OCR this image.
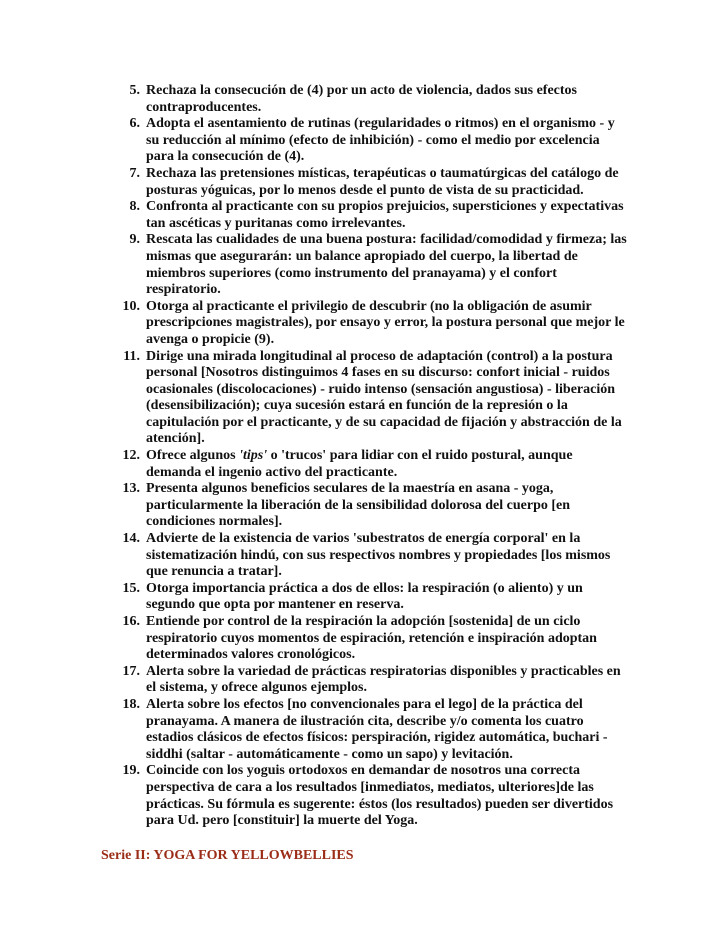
5. Rechaza la consecución de (4) por un acto de violencia, dados sus efectos contraproducentes.
6. Adopta el asentamiento de rutinas (regularidades o ritmos) en el organismo - y su reducción al mínimo (efecto de inhibición) - como el medio por excelencia para la consecución de (4).
7. Rechaza las pretensiones místicas, terapéuticas o taumatúrgicas del catálogo de posturas yóguicas, por lo menos desde el punto de vista de su practicidad.
8. Confronta al practicante con su propios prejuicios, supersticiones y expectativas tan ascéticas y puritanas como irrelevantes.
9. Rescata las cualidades de una buena postura: facilidad/comodidad y firmeza; las mismas que asegurarán: un balance apropiado del cuerpo, la libertad de miembros superiores (como instrumento del pranayama) y el confort respiratorio.
10. Otorga al practicante el privilegio de descubrir (no la obligación de asumir prescripciones magistrales), por ensayo y error, la postura personal que mejor le avenga o propicie (9).
11. Dirige una mirada longitudinal al proceso de adaptación (control) a la postura personal [Nosotros distinguimos 4 fases en su discurso: confort inicial - ruidos ocasionales (discolocaciones) - ruido intenso (sensación angustiosa) - liberación (desensibilización); cuya sucesión estará en función de la represión o la capitulación por el practicante, y de su capacidad de fijación y abstracción de la atención].
12. Ofrece algunos 'tips' o 'trucos' para lidiar con el ruido postural, aunque demanda el ingenio activo del practicante.
13. Presenta algunos beneficios seculares de la maestría en asana - yoga, particularmente la liberación de la sensibilidad dolorosa del cuerpo [en condiciones normales].
14. Advierte de la existencia de varios 'subestratos de energía corporal' en la sistematización hindú, con sus respectivos nombres y propiedades [los mismos que renuncia a tratar].
15. Otorga importancia práctica a dos de ellos: la respiración (o aliento) y un segundo que opta por mantener en reserva.
16. Entiende por control de la respiración la adopción [sostenida] de un ciclo respiratorio cuyos momentos de espiración, retención e inspiración adoptan determinados valores cronológicos.
17. Alerta sobre la variedad de prácticas respiratorias disponibles y practicables en el sistema, y ofrece algunos ejemplos.
18. Alerta sobre los efectos [no convencionales para el lego] de la práctica del pranayama. A manera de ilustración cita, describe y/o comenta los cuatro estadios clásicos de efectos físicos: perspiración, rigidez automática, buchari - siddhi (saltar - automáticamente - como un sapo) y levitación.
19. Coincide con los yoguis ortodoxos en demandar de nosotros una correcta perspectiva de cara a los resultados [inmediatos, mediatos, ulteriores]de las prácticas. Su fórmula es sugerente: éstos (los resultados) pueden ser divertidos para Ud. pero [constituir] la muerte del Yoga.
Serie II: YOGA FOR YELLOWBELLIES
